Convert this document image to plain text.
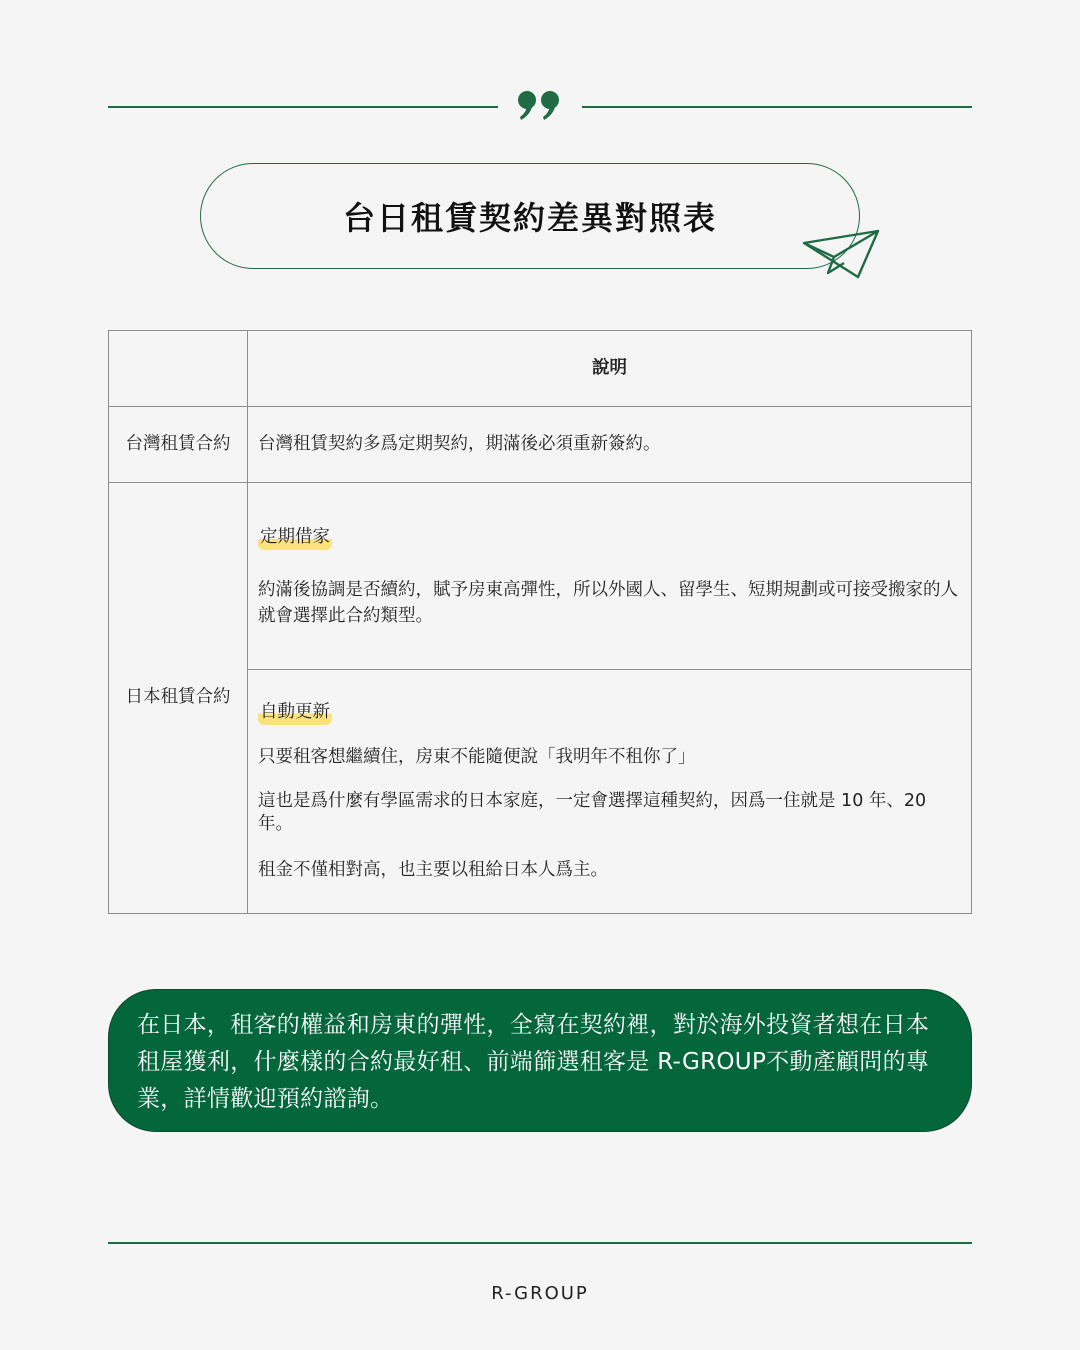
台日租賃契約差異對照表
	說明
台灣租賃合約	台灣租賃契約多爲定期契約，期滿後必須重新簽約。
日本租賃合約	定期借家

約滿後協調是否續約，賦予房東高彈性，所以外國人、留學生、短期規劃或可接受搬家的人就會選擇此合約類型。

	自動更新

只要租客想繼續住，房東不能隨便說「我明年不租你了」

這也是爲什麼有學區需求的日本家庭，一定會選擇這種契約，因爲一住就是 10 年、20年。

租金不僅相對高，也主要以租給日本人爲主。

在日本，租客的權益和房東的彈性，全寫在契約裡，對於海外投資者想在日本租屋獲利，什麼樣的合約最好租、前端篩選租客是 R-GROUP不動產顧問的專業，詳情歡迎預約諮詢。

R-GROUP
